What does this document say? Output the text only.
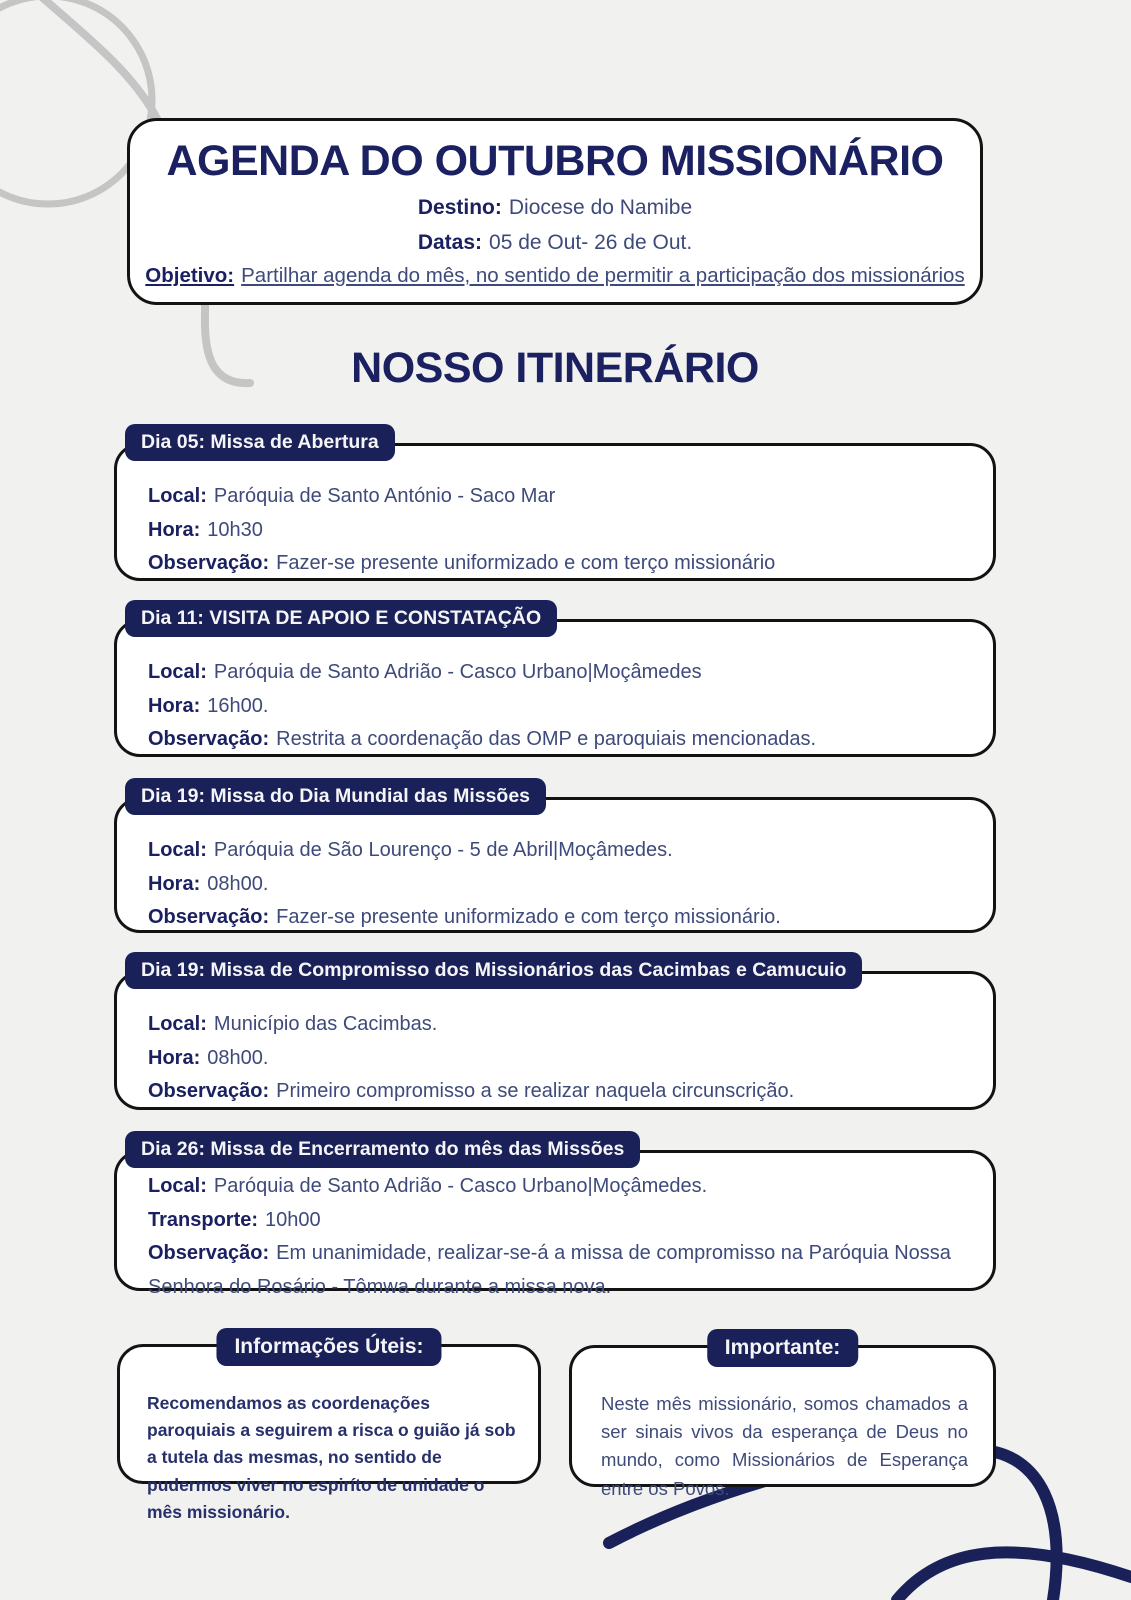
AGENDA DO OUTUBRO MISSIONÁRIO

Destino: Diocese do Namibe

Datas: 05 de Out- 26 de Out.

Objetivo: Partilhar agenda do mês, no sentido de permitir a participação dos missionários

NOSSO ITINERÁRIO
Dia 05: Missa de Abertura
Local: Paróquia de Santo António - Saco Mar
Hora: 10h30
Observação: Fazer-se presente uniformizado e com terço missionário
Dia 11: VISITA DE APOIO E CONSTATAÇÃO
Local: Paróquia de Santo Adrião - Casco Urbano|Moçâmedes
Hora: 16h00.
Observação: Restrita a coordenação das OMP e paroquiais mencionadas.
Dia 19: Missa do Dia Mundial das Missões
Local: Paróquia de São Lourenço - 5 de Abril|Moçâmedes.
Hora: 08h00.
Observação: Fazer-se presente uniformizado e com terço missionário.
Dia 19: Missa de Compromisso dos Missionários das Cacimbas e Camucuio
Local: Município das Cacimbas.
Hora: 08h00.
Observação: Primeiro compromisso a se realizar naquela circunscrição.
Dia 26: Missa de Encerramento do mês das Missões
Local: Paróquia de Santo Adrião - Casco Urbano|Moçâmedes.
Transporte: 10h00
Observação: Em unanimidade, realizar-se-á a missa de compromisso na Paróquia Nossa Senhora do Rosário - Tômwa durante a missa nova.
Informações Úteis:

Recomendamos as coordenações paroquiais a seguirem a risca o guião já sob a tutela das mesmas, no sentido de pudermos viver no espiríto de unidade o mês missionário.

Importante:

Neste mês missionário, somos chamados a ser sinais vivos da esperança de Deus no mundo, como Missionários de Esperança entre os Povos.
